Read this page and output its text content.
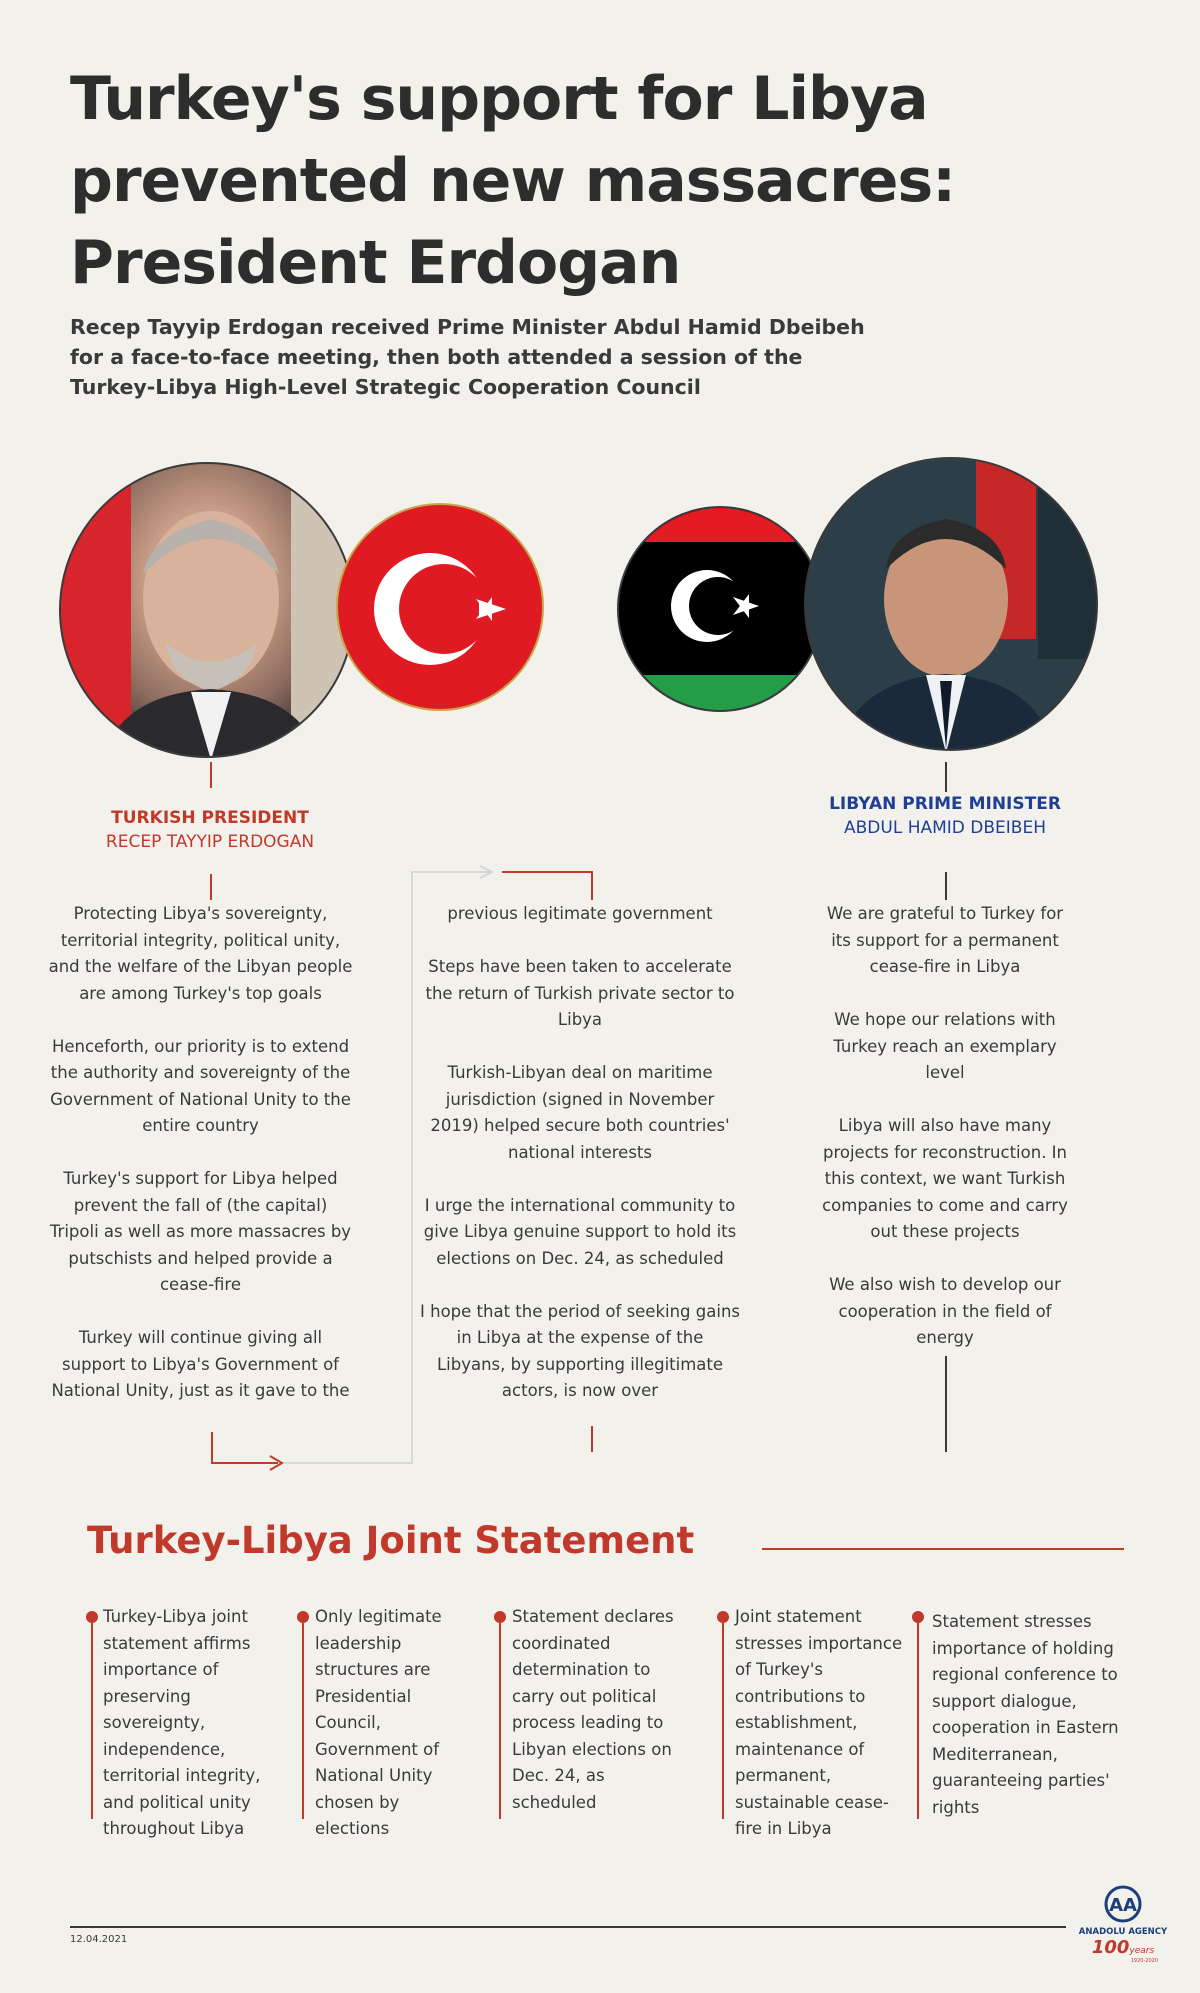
Turkey's support for Libya
prevented new massacres:
President Erdogan
Recep Tayyip Erdogan received Prime Minister Abdul Hamid Dbeibeh
for a face-to-face meeting, then both attended a session of the
Turkey-Libya High-Level Strategic Cooperation Council
TURKISH PRESIDENT
RECEP TAYYIP ERDOGAN
LIBYAN PRIME MINISTER
ABDUL HAMID DBEIBEH

Protecting Libya's sovereignty, territorial integrity, political unity, and the welfare of the Libyan people are among Turkey's top goals

Henceforth, our priority is to extend the authority and sovereignty of the Government of National Unity to the entire country

Turkey's support for Libya helped prevent the fall of (the capital) Tripoli as well as more massacres by putschists and helped provide a cease-fire

Turkey will continue giving all support to Libya's Government of National Unity, just as it gave to the

previous legitimate government

Steps have been taken to accelerate the return of Turkish private sector to Libya

Turkish-Libyan deal on maritime jurisdiction (signed in November 2019) helped secure both countries' national interests

I urge the international community to give Libya genuine support to hold its elections on Dec. 24, as scheduled

I hope that the period of seeking gains in Libya at the expense of the Libyans, by supporting illegitimate actors, is now over

We are grateful to Turkey for its support for a permanent cease-fire in Libya

We hope our relations with Turkey reach an exemplary level

Libya will also have many projects for reconstruction. In this context, we want Turkish companies to come and carry out these projects

We also wish to develop our cooperation in the field of energy

Turkey-Libya Joint Statement
Turkey-Libya joint statement affirms importance of preserving sovereignty, independence, territorial integrity, and political unity throughout Libya
Only legitimate leadership structures are Presidential Council, Government of National Unity chosen by elections
Statement declares coordinated determination to carry out political process leading to Libyan elections on Dec. 24, as scheduled
Joint statement stresses importance of Turkey's contributions to establishment, maintenance of permanent, sustainable cease-fire in Libya
Statement stresses importance of holding regional conference to support dialogue, cooperation in Eastern Mediterranean, guaranteeing parties' rights
12.04.2021
AA
ANADOLU AGENCY
100years
1920-2020
